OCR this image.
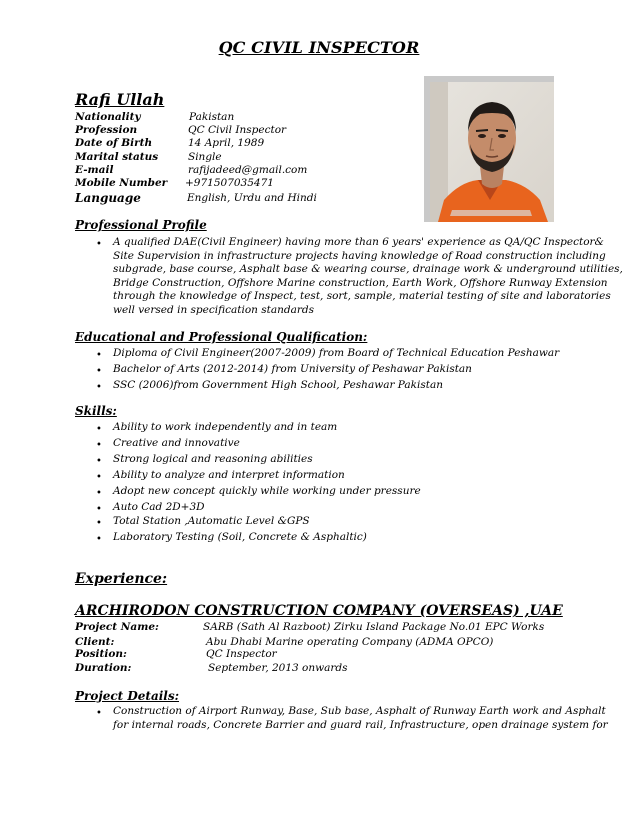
QC CIVIL INSPECTOR
Rafi Ullah
Nationality	Pakistan
Profession	QC Civil Inspector
Date of Birth	14 April, 1989
Marital status	Single
E-mail	rafijadeed@gmail.com
Mobile Number +971507035471
Language	English, Urdu and Hindi
Professional Profile
• A qualified DAE(Civil Engineer) having more than 6 years' experience as QA/QC Inspector&
Site Supervision in infrastructure projects having knowledge of Road construction including
subgrade, base course, Asphalt base & wearing course, drainage work & underground utilities,
Bridge Construction, Offshore Marine construction, Earth Work, Offshore Runway Extension
through the knowledge of Inspect, test, sort, sample, material testing of site and laboratories
well versed in specification standards
Educational and Professional Qualification:
• Diploma of Civil Engineer(2007-2009) from Board of Technical Education Peshawar
• Bachelor of Arts (2012-2014) from University of Peshawar Pakistan
• SSC (2006)from Government High School, Peshawar Pakistan
Skills:
• Ability to work independently and in team
• Creative and innovative
• Strong logical and reasoning abilities
• Ability to analyze and interpret information
• Adopt new concept quickly while working under pressure
• Auto Cad 2D+3D
• Total Station ,Automatic Level &GPS
• Laboratory Testing (Soil, Concrete & Asphaltic)
Experience:
ARCHIRODON CONSTRUCTION COMPANY (OVERSEAS) ,UAE
Project Name:	SARB (Sath Al Razboot) Zirku Island Package No.01 EPC Works
Client:	Abu Dhabi Marine operating Company (ADMA OPCO)
Position:	QC Inspector
Duration:	September, 2013 onwards
Project Details:
• Construction of Airport Runway, Base, Sub base, Asphalt of Runway Earth work and Asphalt
for internal roads, Concrete Barrier and guard rail, Infrastructure, open drainage system for
